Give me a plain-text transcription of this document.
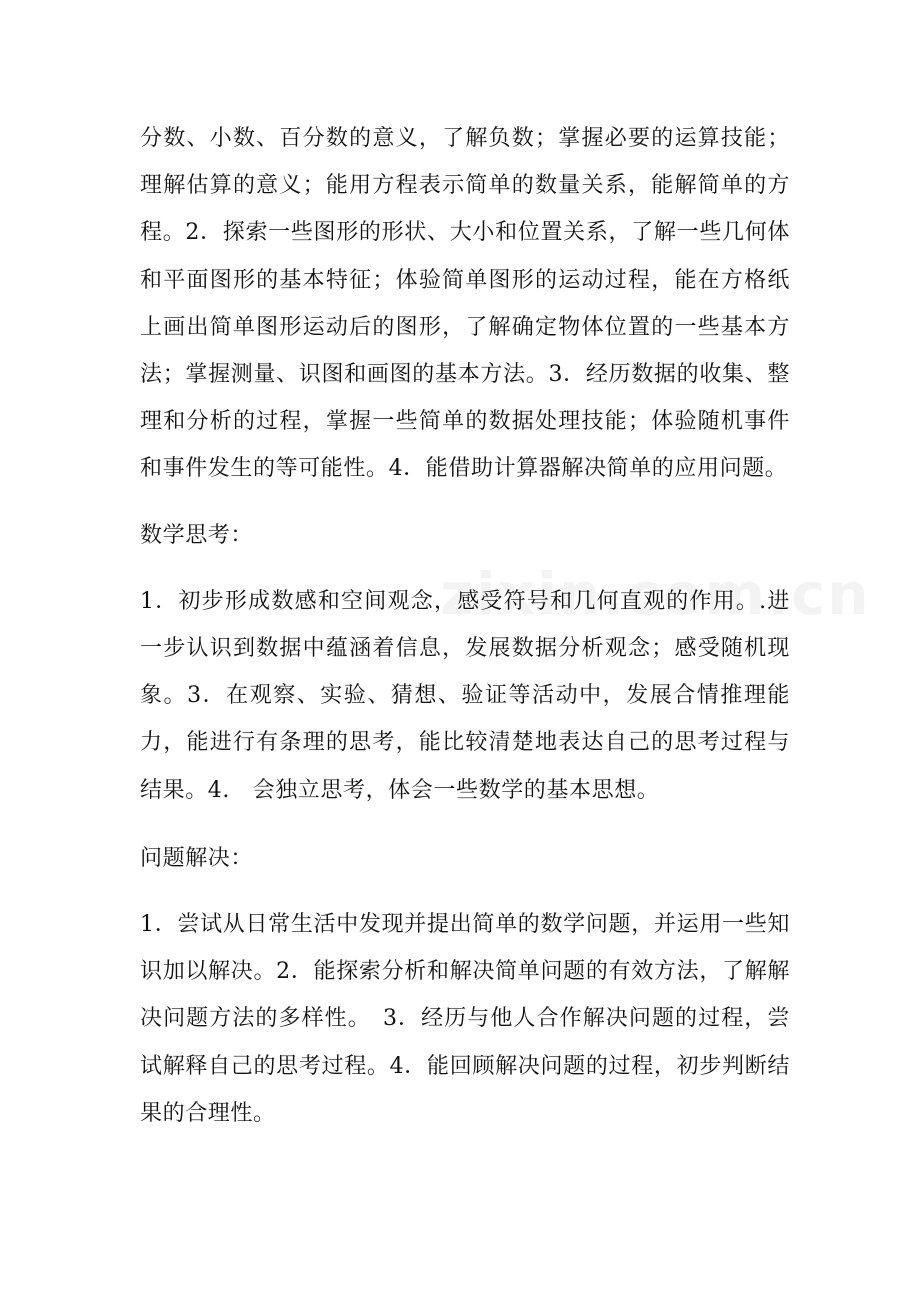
分数、小数、百分数的意义，了解负数；掌握必要的运算技能；理解估算的意义；能用方程表示简单的数量关系，能解简单的方程。2．探索一些图形的形状、大小和位置关系，了解一些几何体和平面图形的基本特征；体验简单图形的运动过程，能在方格纸上画出简单图形运动后的图形，了解确定物体位置的一些基本方法；掌握测量、识图和画图的基本方法。3．经历数据的收集、整理和分析的过程，掌握一些简单的数据处理技能；体验随机事件和事件发生的等可能性。4．能借助计算器解决简单的应用问题。

数学思考：

1．初步形成数感和空间观念，感受符号和几何直观的作用。.进一步认识到数据中蕴涵着信息，发展数据分析观念；感受随机现象。3．在观察、实验、猜想、验证等活动中，发展合情推理能力，能进行有条理的思考，能比较清楚地表达自己的思考过程与结果。4.　会独立思考，体会一些数学的基本思想。

问题解决：

1．尝试从日常生活中发现并提出简单的数学问题，并运用一些知识加以解决。2．能探索分析和解决简单问题的有效方法，了解解决问题方法的多样性。　3．经历与他人合作解决问题的过程，尝试解释自己的思考过程。4．能回顾解决问题的过程，初步判断结果的合理性。
